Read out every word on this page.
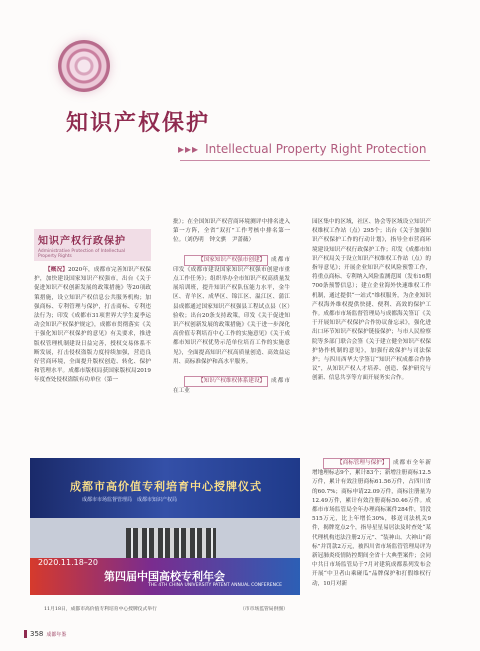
知识产权保护
▸▸▸ Intellectual Property Right Protection
知识产权行政保护
Administrative Protection of Intellectual
Property Rights

【概况】2020年，成都市完善知识产权保护，加快建设国家知识产权强市，出台《关于促进知识产权创新发展的政策措施》等20项政策措施，设立知识产权信息公共服务机构；加强商标、专利管理与保护，打击商标、专利违法行为；印发《成都市31项世界大学生夏季运动会知识产权保护规定》，成都市贯彻落实《关于强化知识产权保护的意见》有关要求，推进版权管理机制建设日益完善，授权交易体系不断发展，打击侵权盗版力度持续加强，营造良好营商环境，全面提升版权创造、转化、保护和管理水平。成都市版权局获国家版权局2019年度查处侵权盗版有功单位（第一

批）；在全国知识产权营商环境测评中排名进入第一方阵，全省“双打”工作考核中排名第一位。（刘仍明　钟文骐　尹蔷薇）

【国家知识产权强市创建】 成都市印发《成都市建设国家知识产权强市创建市重点工作任务》；组织举办全市知识产权高质量发展培训班，提升知识产权队伍能力水平，金牛区、青羊区、成华区、锦江区、温江区、蒲江县成都通过国家知识产权强县工程试点县（区）验收；出台20条支持政策，印发《关于促进知识产权创新发展的政策措施》《关于进一步深化高价值专利培育中心工作的实施意见》《关于成都市知识产权优势示范单位培育工作的实施意见》，全面提高知识产权高质量创造、高效益运用、高标准保护和高水平服务。

【知识产权维权体系建设】 成都市在工业

园区集中的区域，社区、协会等区域设立知识产权维权工作站（点）295个；出台《关于加强知识产权保护工作的行动计划》，指导全市营商环境建设知识产权行政保护工作；印发《成都市知识产权局关于设立知识产权维权工作站（点）的指导意见》；开展企业知识产权风险预警工作，将重点商标、专利纳入风险监测范围（发布16期700条预警信息）；建立企业海外快速维权工作机制，通过提供“一站式”维权服务，为企业知识产权海外维权提供快捷、便利、高效的保护工作。成都市市场监督管理局与成都海关签订《关于开展知识产权保护合作协议备忘录》，强化进出口环节知识产权保护链接保护；与市人民检察院等多部门联合会签《关于建立健全知识产权保护协作机制的意见》，加强行政保护与司法保护；与四川西华大学签订“知识产权成都合作协议”，从知识产权人才培养、创造、保护研究与创新、信息共享等方面开展务实合作。

【商标管理与保护】 成都市全年新增地理标志9个，累计83个；新增注册商标12.5万件，累计有效注册商标61.56万件，占四川省的60.7%；商标申请22.09万件，商标注册量为12.49万件，累计有效注册商标50.46万件。成都市市场监管局全年办理商标案件284件，罚没515万元，比上年增长30%，移送司法机关9件，揭牌宽点2个，指导星星易居法及时查处“某代理机构违法注册2万元”、“装神山、大神山”商标”并罚款2万元，被四川省市场监管管理局评为新冠肺炎疫情防控期间全省十大典型案件；会同中共日市场监管局于7月对建筑成都系列发布会开展“中卫者山乘碰瓜”品牌保护和打假维权行动，10月对新

成都市高价值专利培育中心授牌仪式
成都市市场监督管理局　成都市知识产权局
2020.11.18–20
第四届中国高校专利年会
THE 4TH CHINA UNIVERSITY PATENT ANNUAL CONFERENCE
11月18日，成都市高价值专利培育中心授牌仪式举行	（市市场监管局供图）
358 成都年鉴
